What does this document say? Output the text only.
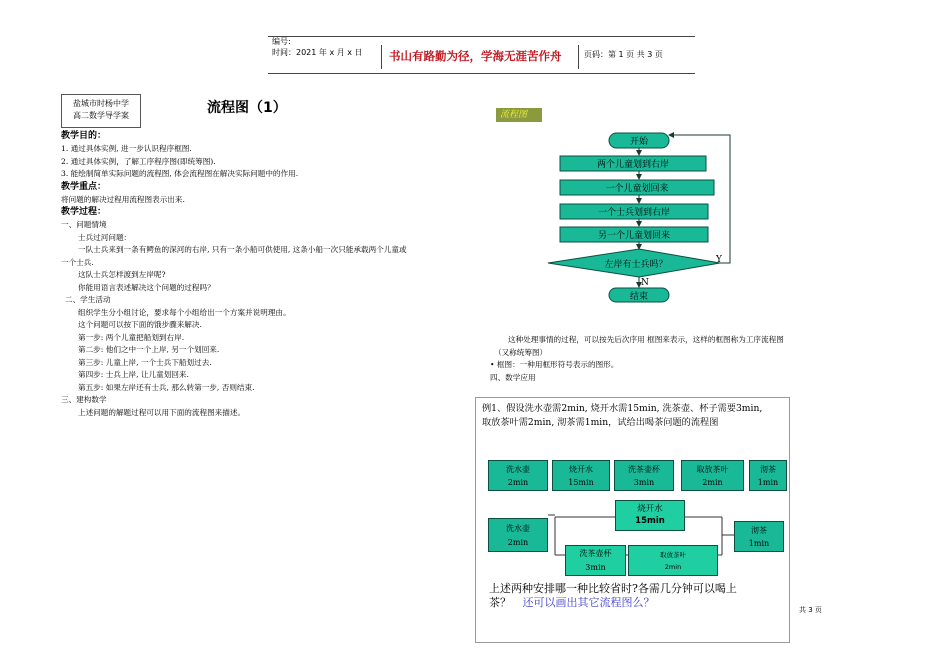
编号:
时间：2021 年 x 月 x 日 书山有路勤为径，学海无涯苦作舟	页码：第 1 页 共 3 页
盐城市时杨中学
高二数学导学案	流程图（1）	流程图
教学目的：
1. 通过具体实例, 进一步认识程序框图.
2. 通过具体实例，了解工序程序图(即统筹图).
3. 能绘制简单实际问题的流程图, 体会流程图在解决实际问题中的作用.
教学重点：
将问题的解决过程用流程图表示出来.
教学过程：
一、问题情境
士兵过河问题：
一队士兵来到一条有鳄鱼的深河的右岸, 只有一条小船可供使用, 这条小船一次只能承载两个儿童或
一个士兵.
这队士兵怎样渡到左岸呢?
你能用语言表述解决这个问题的过程吗？
二、学生活动
组织学生分小组讨论，要求每个小组给出一个方案并说明理由。
这个问题可以按下面的饿步骤来解决.
第一步: 两个儿童把船划到右岸.
第二步: 他们之中一个上岸, 另一个划回来.
第三步: 儿童上岸, 一个士兵下船划过去.
第四步: 士兵上岸, 让儿童划回来.
第五步: 如果左岸还有士兵, 那么转第一步, 否则结束.
三、建构数学
上述问题的解题过程可以用下面的流程图来描述。
开始
两个儿童划到右岸
一个儿童划回来
一个士兵划到右岸
另一个儿童划回来
左岸有士兵吗？	Y
N
结束
这种处理事情的过程，可以按先后次序用 框图来表示，这样的框图称为工序流程图
（又称统筹图）
• 框图：一种用框形符号表示的图形。
四、数学应用
例1、假设洗水壶需2min, 烧开水需15min, 洗茶壶、杯子需要3min,
取放茶叶需2min, 沏茶需1min，试给出喝茶问题的流程图
洗水壶
2min
烧开水
15min
洗茶壶杯
3min
取放茶叶
2min
沏茶
1min
洗水壶
2min
烧开水
15min
洗茶壶杯
3min
取放茶叶
2min
沏茶
1min
上述两种安排哪一种比较省时?各需几分钟可以喝上
茶？ 还可以画出其它流程图么？
共 3 页
